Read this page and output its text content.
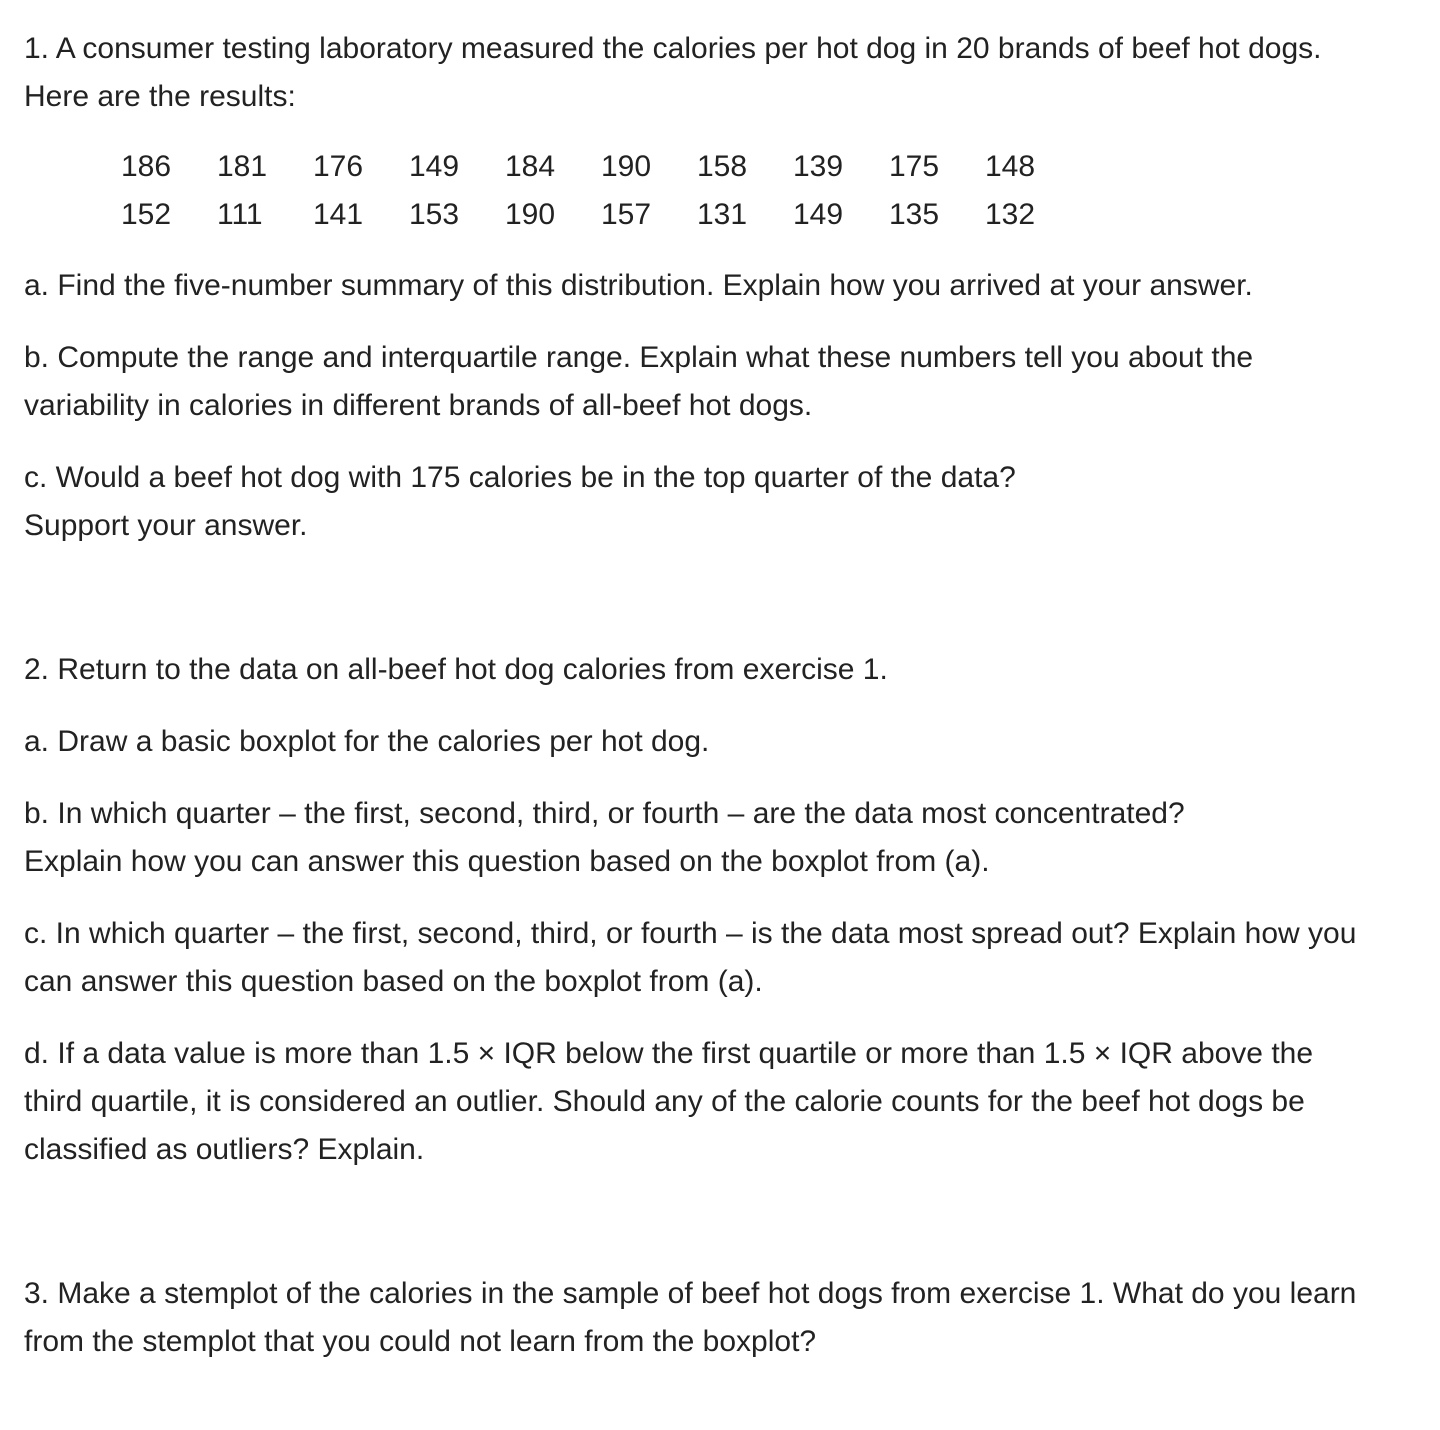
1. A consumer testing laboratory measured the calories per hot dog in 20 brands of beef hot dogs. Here are the results:

186	181	176	149	184	190	158	139	175	148
152	111	141	153	190	157	131	149	135	132

a. Find the five-number summary of this distribution. Explain how you arrived at your answer.

b. Compute the range and interquartile range. Explain what these numbers tell you about the variability in calories in different brands of all-beef hot dogs.

c. Would a beef hot dog with 175 calories be in the top quarter of the data?
Support your answer.

2. Return to the data on all-beef hot dog calories from exercise 1.

a. Draw a basic boxplot for the calories per hot dog.

b. In which quarter – the first, second, third, or fourth – are the data most concentrated?
Explain how you can answer this question based on the boxplot from (a).

c. In which quarter – the first, second, third, or fourth – is the data most spread out? Explain how you can answer this question based on the boxplot from (a).

d. If a data value is more than 1.5 × IQR below the first quartile or more than 1.5 × IQR above the third quartile, it is considered an outlier. Should any of the calorie counts for the beef hot dogs be classified as outliers? Explain.

3. Make a stemplot of the calories in the sample of beef hot dogs from exercise 1. What do you learn from the stemplot that you could not learn from the boxplot?
